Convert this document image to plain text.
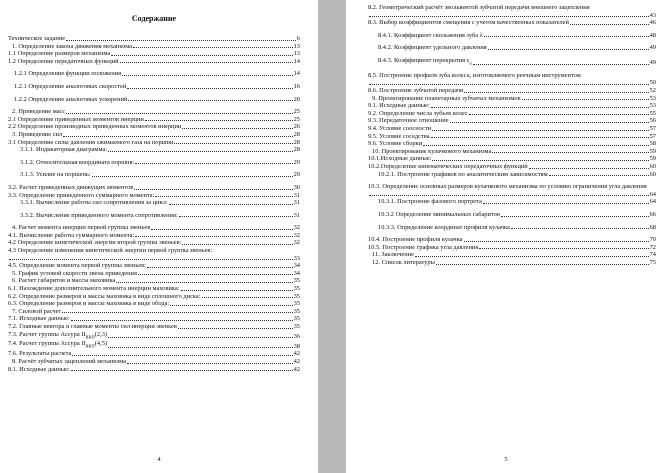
Содержание
Техническое задание	6
1. Определение закона движения механизма	13
1.1 Определение размеров механизма	13
1.2 Определение передаточных функций	14
1.2.1 Определение функции положения	14
1.2.1 Определение аналоговых скоростей	16
1.2.2 Определение аналоговых ускорений	20
2. Приведение масс	25
2.1 Определение приведенных моментов инерции	25
2.2 Определение производных приведенных моментов инерции	26
3. Приведение сил	28
3.1 Определение силы давления сжимаемого газа на поршни	28
3.1.1. Индикаторная диаграмма:	28
3.1.2. Относительная координата поршня:	29
3.1.3. Усилие на поршень:	29
3.2. Расчет приведенных движущих моментов	30
3.3. Определение приведенного суммарного момента:	31
3.3.1. Вычисление работы сил сопротивления за цикл:	31
3.3.2. Вычисление приведенного момента сопротивления:	31
4. Расчет момента инерции первой группы звеньев	32
4.1. Вычисление работы суммарного момента:	32
4.2 Определение кинетической энергии второй группы звеньев:	32
4.3 Определение изменения кинетической энергии первой группы звеньев:
33
4.5. Определение момента первой группы звеньев:	34
5. График угловой скорости звена приведения	34
6. Расчет габаритов и массы маховика	35
6.1. Нахождение дополнительного момента инерции маховика:	35
6.2. Определение размеров и массы маховика в виде сплошного диска:	35
6.3. Определение размеров и массы маховика в виде обода:	35
7. Силовой расчет	35
7.1. Исходные данные:	35
7.2. Главные вектора и главные моменты сил инерции звеньев	35
7.3. Расчет группы Ассура $II_{ВВП}(2,3)$	36
7.4. Расчет группы Ассура $II_{ВВП}(4,5)$	38
7.6. Результаты расчета	42
8. Расчёт зубчатых зацеплений механизма	42
8.1. Исходные данные:	42
4
8.2. Геометрический расчёт эвольвентой зубчатой передачи внешнего зацепления
43
8.3. Выбор коэффициентов смещения с учетом качественных показателей	46
8.4.1. Коэффициент скольжения зуба λ	48
8.4.2. Коэффициент удельного давления	49
8.4.3. Коэффициент перекрытия $\varepsilon_\alpha$	49
8.5. Построение профиля зуба колеса, изготовляемого реечным инструментом
50
8.6. Построение зубчатой передачи	52
9. Проектирование планетарных зубчатых механизмов	53
9.1. Исходные данные:	53
9.2. Определение числа зубьев колес	55
9.3. Передаточное отношение	56
9.4. Условие соосности	57
9.5. Условие соседства	57
9.6. Условие сборки	58
10. Проектирование кулачкового механизма	59
10.1.Исходные данные:	59
10.2.Определение кинематических передаточных функций	60
10.2.1. Построение графиков по аналитическим зависимостям	60
10.3. Определение основных размеров кулачкового механизма по условию ограничения угла давления
64
10.3.1. Построение фазового портрета	64
10.3.2 Определение минимальных габаритов	66
10.3.3. Определение координат профиля кулачка	68
10.4. Построение профиля кулачка	70
10.5. Построение графика угла давления	72
11. Заключение	74
12. Список литературы	75
5
